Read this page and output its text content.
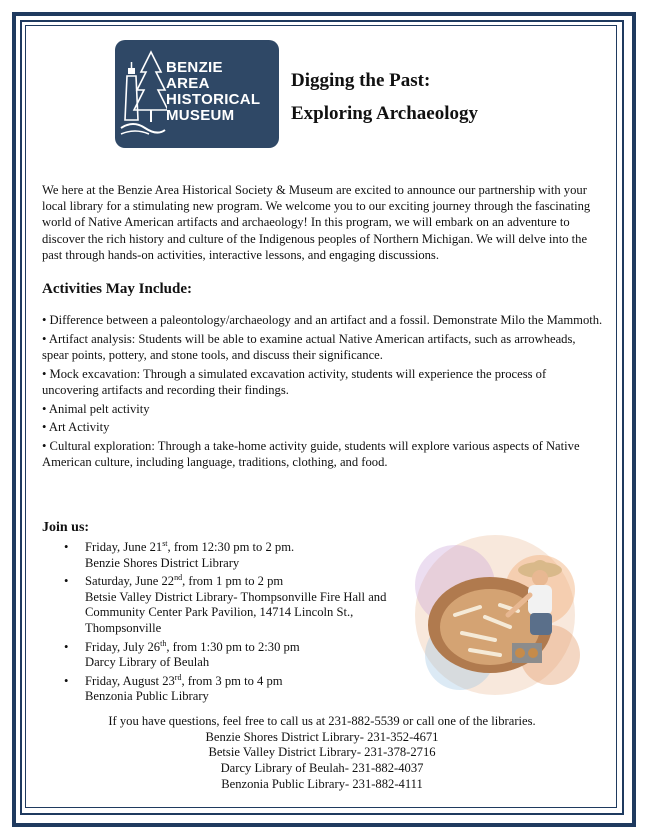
BENZIE
AREA
HISTORICAL
MUSEUM
Digging the Past:
Exploring Archaeology
We here at the Benzie Area Historical Society & Museum are excited to announce our partnership with your local library for a stimulating new program. We welcome you to our exciting journey through the fascinating world of Native American artifacts and archaeology! In this program, we will embark on an adventure to discover the rich history and culture of the Indigenous peoples of Northern Michigan. We will delve into the past through hands-on activities, interactive lessons, and engaging discussions.
Activities May Include:

• Difference between a paleontology/archaeology and an artifact and a fossil. Demonstrate Milo the Mammoth.

• Artifact analysis: Students will be able to examine actual Native American artifacts, such as arrowheads, spear points, pottery, and stone tools, and discuss their significance.

• Mock excavation: Through a simulated excavation activity, students will experience the process of uncovering artifacts and recording their findings.

• Animal pelt activity

• Art Activity

• Cultural exploration: Through a take-home activity guide, students will explore various aspects of Native American culture, including language, traditions, clothing, and food.

Join us:
• Friday, June 21st, from 12:30 pm to 2 pm.
Benzie Shores District Library
• Saturday, June 22nd, from 1 pm to 2 pm
Betsie Valley District Library- Thompsonville Fire Hall and Community Center Park Pavilion, 14714 Lincoln St., Thompsonville
• Friday, July 26th, from 1:30 pm to 2:30 pm
Darcy Library of Beulah
• Friday, August 23rd, from 3 pm to 4 pm
Benzonia Public Library
If you have questions, feel free to call us at 231-882-5539 or call one of the libraries.
Benzie Shores District Library- 231-352-4671
Betsie Valley District Library- 231-378-2716
Darcy Library of Beulah- 231-882-4037
Benzonia Public Library- 231-882-4111
